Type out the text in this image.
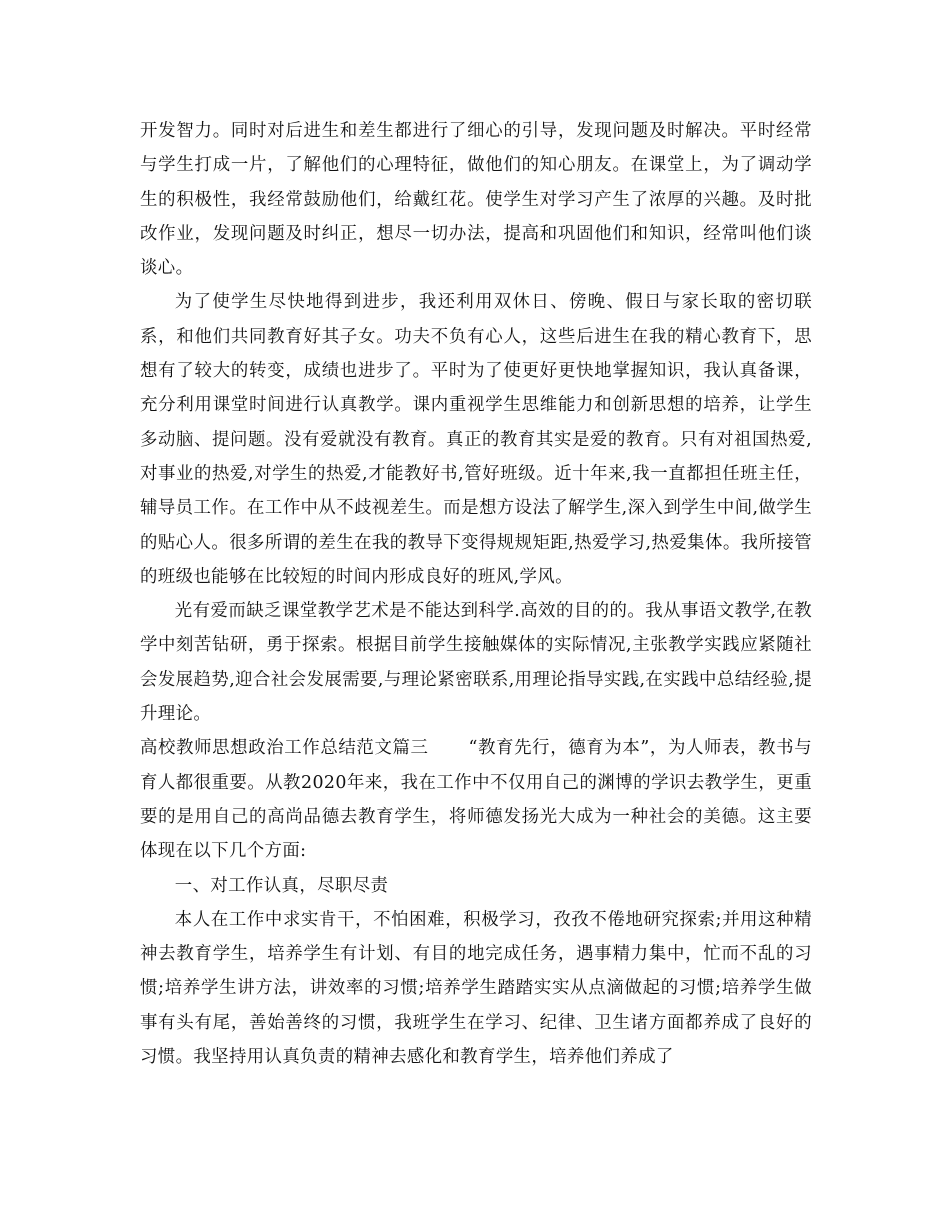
开发智力。同时对后进生和差生都进行了细心的引导，发现问题及时解决。平时经常与学生打成一片，了解他们的心理特征，做他们的知心朋友。在课堂上，为了调动学生的积极性，我经常鼓励他们，给戴红花。使学生对学习产生了浓厚的兴趣。及时批改作业，发现问题及时纠正，想尽一切办法，提高和巩固他们和知识，经常叫他们谈谈心。

为了使学生尽快地得到进步，我还利用双休日、傍晚、假日与家长取的密切联系，和他们共同教育好其子女。功夫不负有心人，这些后进生在我的精心教育下，思想有了较大的转变，成绩也进步了。平时为了使更好更快地掌握知识，我认真备课，充分利用课堂时间进行认真教学。课内重视学生思维能力和创新思想的培养，让学生多动脑、提问题。没有爱就没有教育。真正的教育其实是爱的教育。只有对祖国热爱,对事业的热爱,对学生的热爱,才能教好书,管好班级。近十年来,我一直都担任班主任，辅导员工作。在工作中从不歧视差生。而是想方设法了解学生,深入到学生中间,做学生的贴心人。很多所谓的差生在我的教导下变得规规矩距,热爱学习,热爱集体。我所接管的班级也能够在比较短的时间内形成良好的班风,学风。

光有爱而缺乏课堂教学艺术是不能达到科学.高效的目的的。我从事语文教学,在教学中刻苦钻研，勇于探索。根据目前学生接触媒体的实际情况,主张教学实践应紧随社会发展趋势,迎合社会发展需要,与理论紧密联系,用理论指导实践,在实践中总结经验,提升理论。

高校教师思想政治工作总结范文篇三 “教育先行，德育为本”，为人师表，教书与育人都很重要。从教2020年来，我在工作中不仅用自己的渊博的学识去教学生，更重要的是用自己的高尚品德去教育学生，将师德发扬光大成为一种社会的美德。这主要体现在以下几个方面:

一、对工作认真，尽职尽责

本人在工作中求实肯干，不怕困难，积极学习，孜孜不倦地研究探索;并用这种精神去教育学生，培养学生有计划、有目的地完成任务，遇事精力集中，忙而不乱的习惯;培养学生讲方法，讲效率的习惯;培养学生踏踏实实从点滴做起的习惯;培养学生做事有头有尾，善始善终的习惯，我班学生在学习、纪律、卫生诸方面都养成了良好的习惯。我坚持用认真负责的精神去感化和教育学生，培养他们养成了
